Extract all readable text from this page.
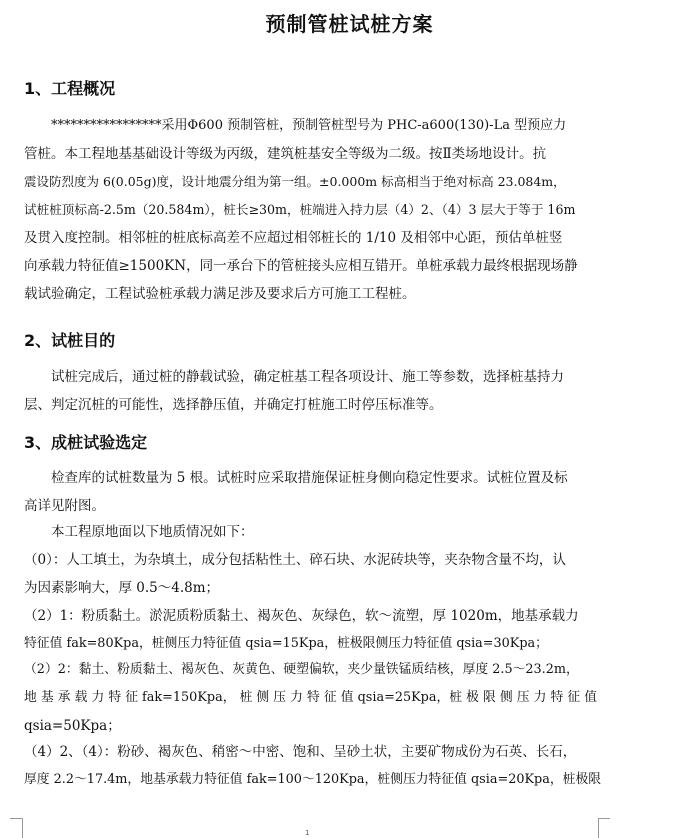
预制管桩试桩方案
1、工程概况
*****************采用Φ600 预制管桩，预制管桩型号为 PHC-a600(130)-La 型预应力
管桩。本工程地基基础设计等级为丙级，建筑桩基安全等级为二级。按Ⅱ类场地设计。抗
震设防烈度为 6(0.05g)度，设计地震分组为第一组。±0.000m 标高相当于绝对标高 23.084m，
试桩桩顶标高-2.5m（20.584m），桩长≥30m，桩端进入持力层（4）2、（4）3 层大于等于 16m
及贯入度控制。相邻桩的桩底标高差不应超过相邻桩长的 1/10 及相邻中心距，预估单桩竖
向承载力特征值≥1500KN，同一承台下的管桩接头应相互错开。单桩承载力最终根据现场静
载试验确定，工程试验桩承载力满足涉及要求后方可施工工程桩。
2、试桩目的
试桩完成后，通过桩的静载试验，确定桩基工程各项设计、施工等参数，选择桩基持力
层、判定沉桩的可能性，选择静压值，并确定打桩施工时停压标准等。
3、成桩试验选定
检查库的试桩数量为 5 根。试桩时应采取措施保证桩身侧向稳定性要求。试桩位置及标
高详见附图。
本工程原地面以下地质情况如下：
（0）：人工填土，为杂填土，成分包括粘性土、碎石块、水泥砖块等，夹杂物含量不均，认
为因素影响大，厚 0.5～4.8m；
（2）1：粉质黏土。淤泥质粉质黏土、褐灰色、灰绿色，软～流塑，厚 1020m，地基承载力
特征值 fak=80Kpa，桩侧压力特征值 qsia=15Kpa，桩极限侧压力特征值 qsia=30Kpa；
（2）2：黏土、粉质黏土、褐灰色、灰黄色、硬塑偏软，夹少量铁锰质结核，厚度 2.5～23.2m，
地 基 承 载 力 特 征 fak=150Kpa， 桩 侧 压 力 特 征 值 qsia=25Kpa，桩 极 限 侧 压 力 特 征 值
qsia=50Kpa；
（4）2、（4）：粉砂、褐灰色、稍密～中密、饱和、呈砂土状，主要矿物成份为石英、长石，
厚度 2.2～17.4m，地基承载力特征值 fak=100～120Kpa，桩侧压力特征值 qsia=20Kpa，桩极限
1
